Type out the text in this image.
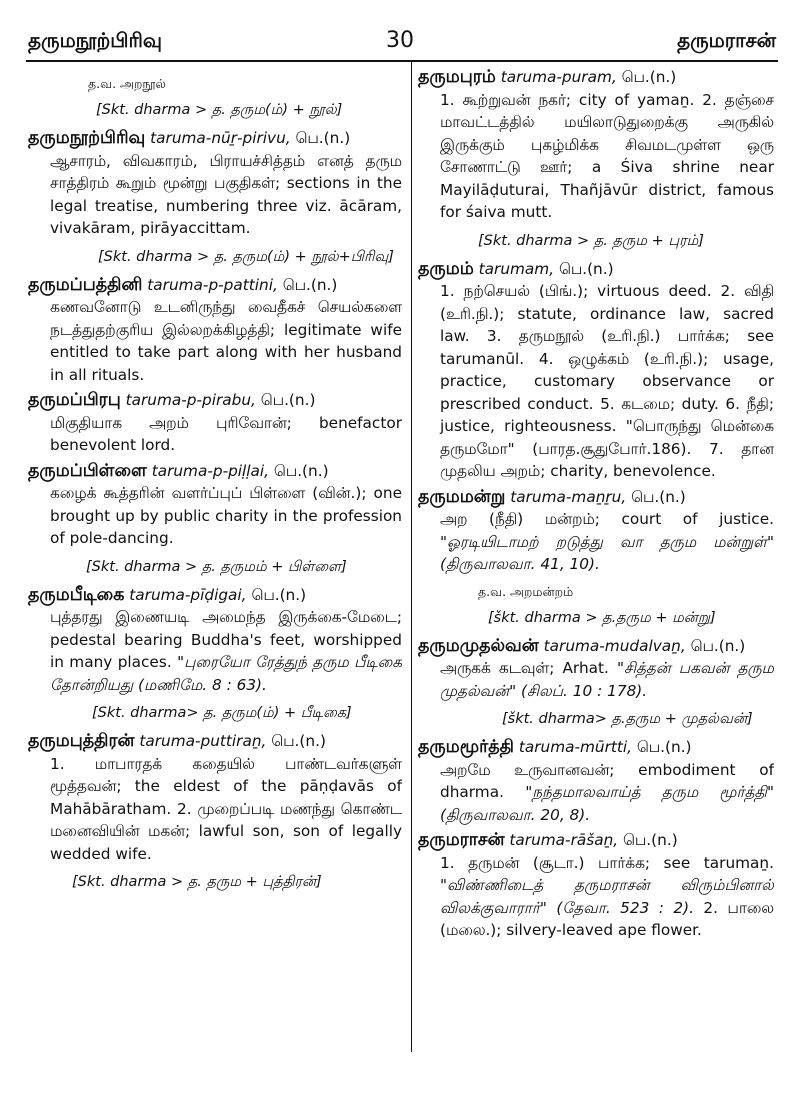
தருமநூற்பிரிவு	30	தருமராசன்
த.வ. அறநூல்
[Skt. dharma > த. தரும(ம்) + நூல்]
தருமநூற்பிரிவு taruma-nūṟ-pirivu, பெ.(n.)
ஆசாரம், விவகாரம், பிராயச்சித்தம் எனத் தரும சாத்திரம் கூறும் மூன்று பகுதிகள்; sections in the legal treatise, numbering three viz. ācāram, vivakāram, pirāyaccittam.
[Skt. dharma > த. தரும(ம்) + நூல்+பிரிவு]
தருமப்பத்தினி taruma-p-pattini, பெ.(n.)
கணவனோடு உடனிருந்து வைதீகச் செயல்களை நடத்துதற்குரிய இல்லறக்கிழத்தி; legitimate wife entitled to take part along with her husband in all rituals.
தருமப்பிரபு taruma-p-pirabu, பெ.(n.)
மிகுதியாக அறம் புரிவோன்; benefactor benevolent lord.
தருமப்பிள்ளை taruma-p-piḷḷai, பெ.(n.)
கழைக் கூத்தரின் வளர்ப்புப் பிள்ளை (வின்.); one brought up by public charity in the profession of pole-dancing.
[Skt. dharma > த. தருமம் + பிள்ளை]
தருமபீடிகை taruma-pīḍigai, பெ.(n.)
புத்தரது இணையடி அமைந்த இருக்கை-மேடை; pedestal bearing Buddha's feet, worshipped in many places. "புரையோ ரேத்துந் தரும பீடிகை தோன்றியது (மணிமே. 8 : 63).
[Skt. dharma> த. தரும(ம்) + பீடிகை]
தருமபுத்திரன் taruma-puttiraṉ, பெ.(n.)
1. மாபாரதக் கதையில் பாண்டவர்களுள் மூத்தவன்; the eldest of the pāṇḍavās of Mahābāratham. 2. முறைப்படி மணந்து கொண்ட மனைவியின் மகன்; lawful son, son of legally wedded wife.
[Skt. dharma > த. தரும + புத்திரன்]
தருமபுரம் taruma-puram, பெ.(n.)
1. கூற்றுவன் நகர்; city of yamaṉ. 2. தஞ்சை மாவட்டத்தில் மயிலாடுதுறைக்கு அருகில் இருக்கும் புகழ்மிக்க சிவமடமுள்ள ஒரு சோணாட்டு ஊர்; a Śiva shrine near Mayilāḍuturai, Thañjāvūr district, famous for śaiva mutt.
[Skt. dharma > த. தரும + புரம்]
தருமம் tarumam, பெ.(n.)
1. நற்செயல் (பிங்.); virtuous deed. 2. விதி (உரி.நி.); statute, ordinance law, sacred law. 3. தருமநூல் (உரி.நி.) பார்க்க; see tarumanūl. 4. ஒழுக்கம் (உரி.நி.); usage, practice, customary observance or prescribed conduct. 5. கடமை; duty. 6. நீதி; justice, righteousness. "பொருந்து மென்கை தருமமோ" (பாரத.சூதுபோர்.186). 7. தான முதலிய அறம்; charity, benevolence.
தருமமன்று taruma-maṉṟu, பெ.(n.)
அற (நீதி) மன்றம்; court of justice. "ஓரடியிடாமற் றடுத்து வா தரும மன்றுள்" (திருவாலவா. 41, 10).
த.வ. அறமன்றம்
[škt. dharma > த.தரும + மன்று]
தருமமுதல்வன் taruma-mudalvaṉ, பெ.(n.)
அருகக் கடவுள்; Arhat. "சித்தன் பகவன் தரும முதல்வன்" (சிலப். 10 : 178).
[škt. dharma> த.தரும + முதல்வன்]
தருமமூர்த்தி taruma-mūrtti, பெ.(n.)
அறமே உருவானவன்; embodiment of dharma. "நந்தமாலவாய்த் தரும மூர்த்தி" (திருவாலவா. 20, 8).
தருமராசன் taruma-rāšaṉ, பெ.(n.)
1. தருமன் (சூடா.) பார்க்க; see tarumaṉ. "விண்ணிடைத் தருமராசன் விரும்பினால் விலக்குவாரார்" (தேவா. 523 : 2). 2. பாலை (மலை.); silvery-leaved ape flower.
